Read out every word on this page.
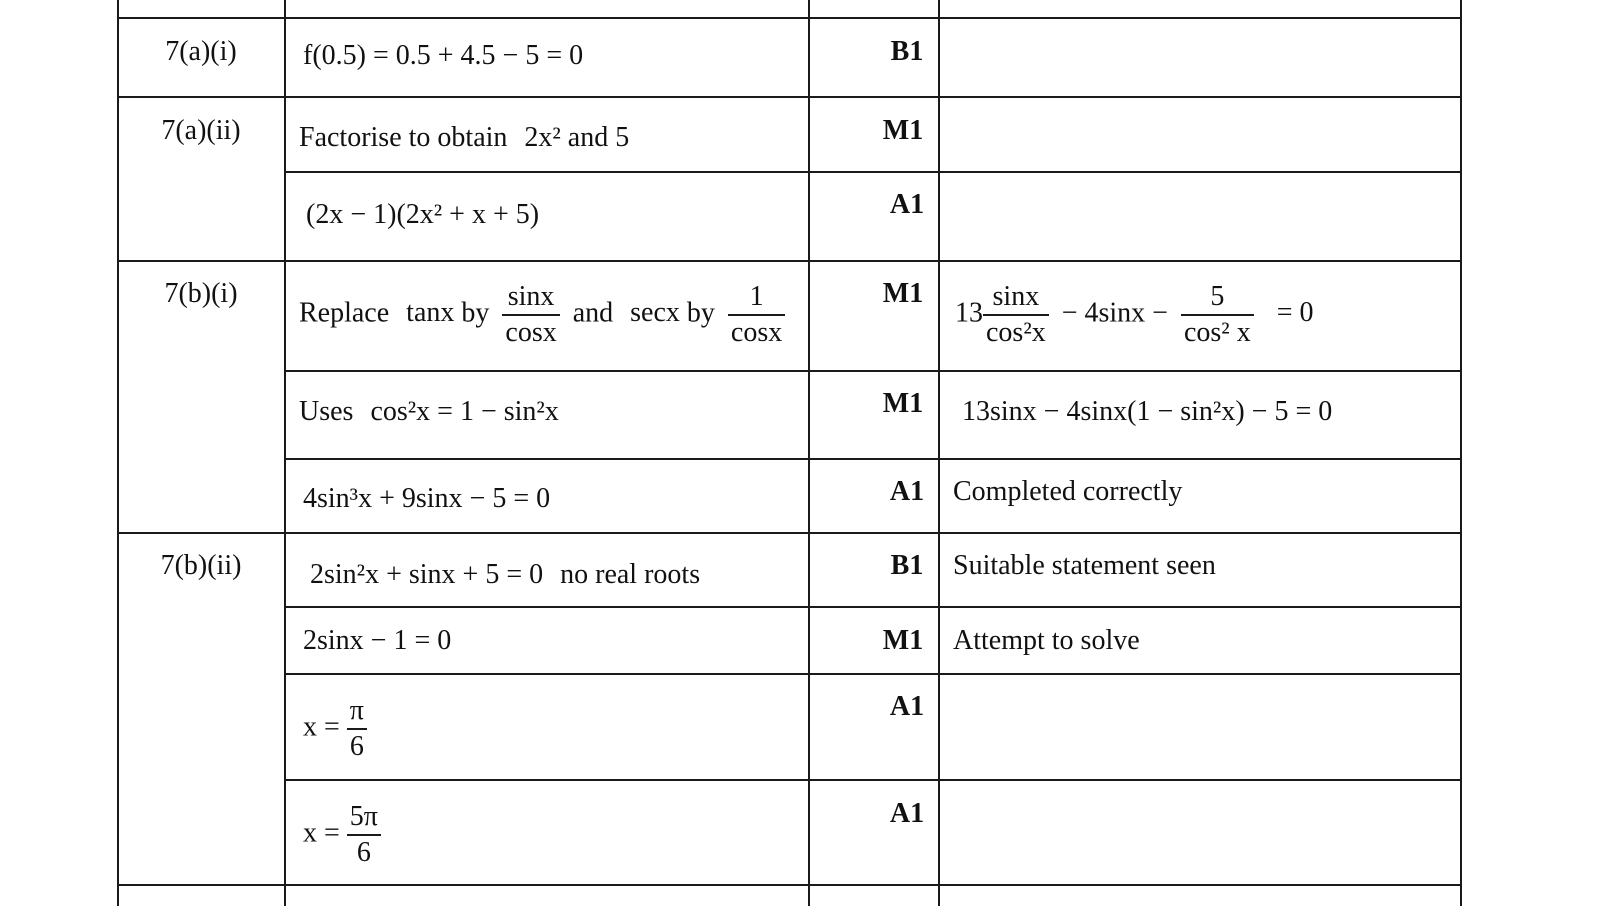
7(a)(i)
7(a)(ii)
7(b)(i)
7(b)(ii)
B1
M1
A1
M1
M1
A1
B1
M1
A1
A1
f(0.5) = 0.5 + 4.5 − 5 = 0
Factorise to obtain 2x² and 5
(2x − 1)(2x² + x + 5)
Replace tanx by $\frac{\sin x}{\cos x}$ and secx by $\frac{1}{\cos x}$
Uses cos²x = 1 − sin²x
4sin³x + 9sinx − 5 = 0
2sin²x + sinx + 5 = 0 no real roots
2sinx − 1 = 0
$x = \frac{\pi}{6}$
$x = \frac{5\pi}{6}$
$13 \frac{\sin x}{\text{cos²x}} - 4\sin x - \frac{5}{\text{cos² x}} = 0$
13sinx − 4sinx(1 − sin²x) − 5 = 0
Completed correctly
Suitable statement seen
Attempt to solve
